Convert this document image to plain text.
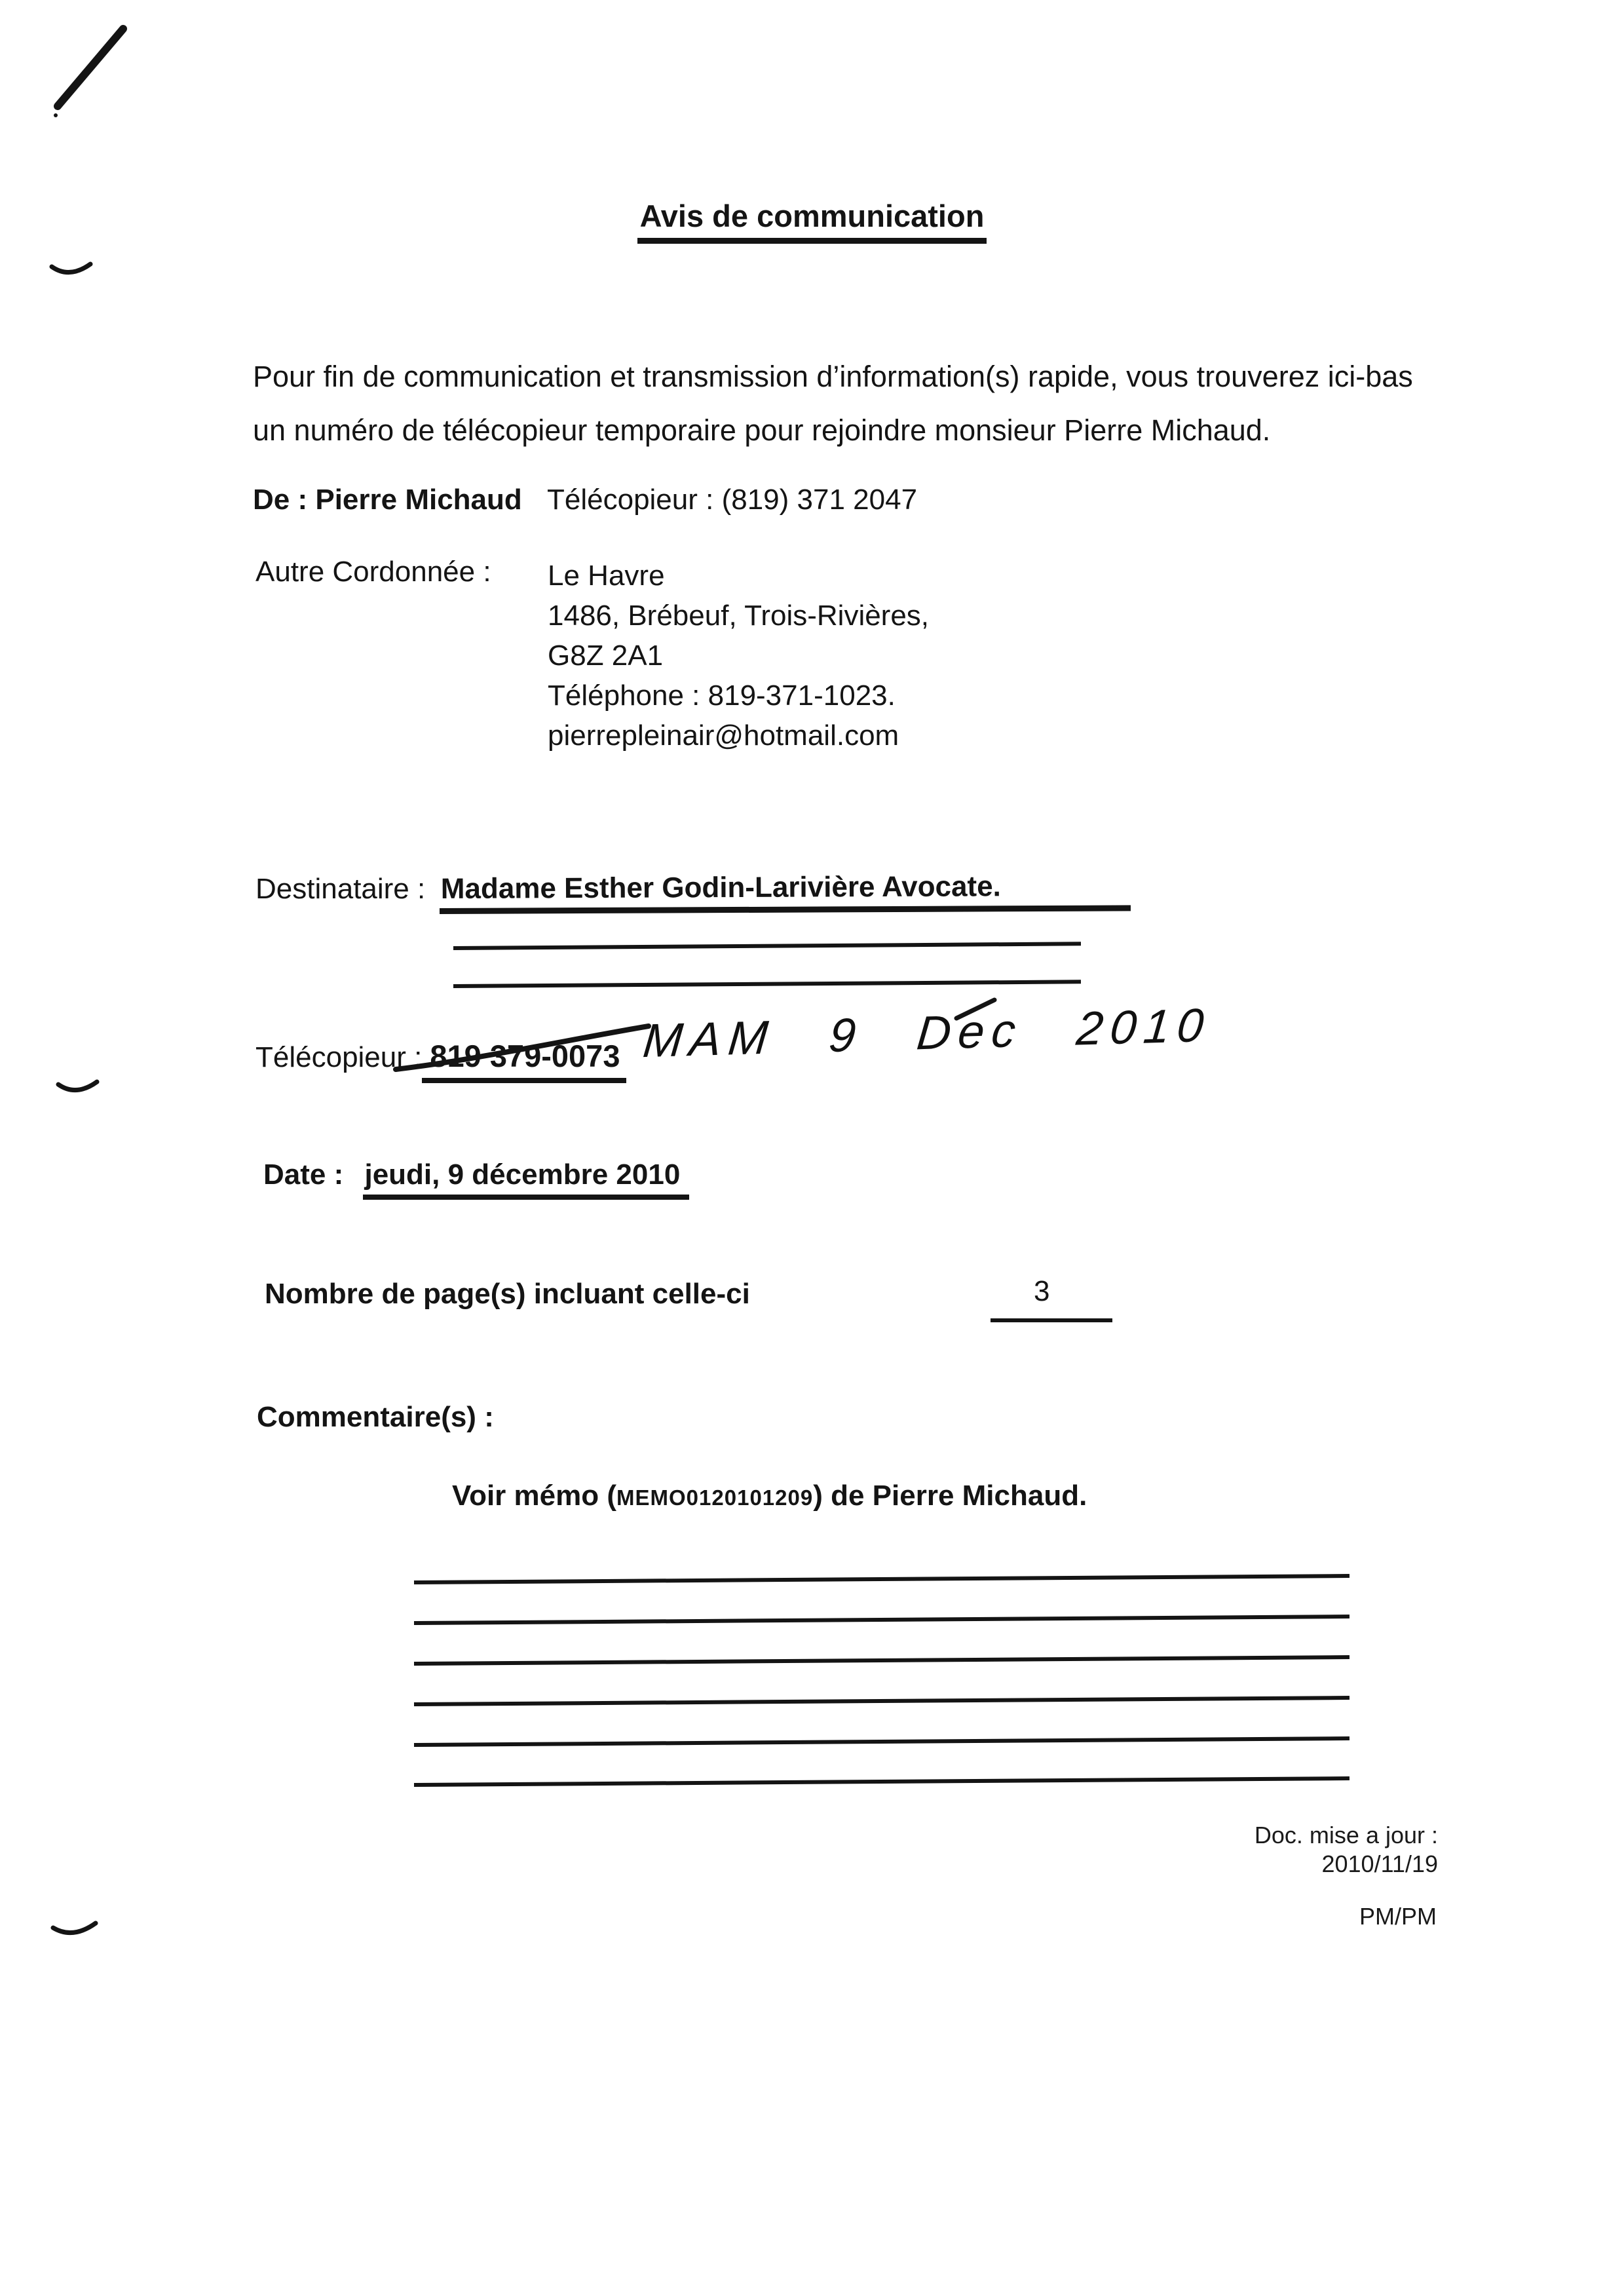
Avis de communication
Pour fin de communication et transmission d’information(s) rapide, vous trouverez ici-bas un numéro de télécopieur temporaire pour rejoindre monsieur Pierre Michaud.
De : Pierre Michaud Télécopieur : (819) 371 2047
Autre Cordonnée : Le Havre
1486, Brébeuf, Trois-Rivières,
G8Z 2A1
Téléphone : 819-371-1023.
pierrepleinair@hotmail.com
Destinataire : Madame Esther Godin-Larivière Avocate.
Télécopieur : 819 379-0073 MAM 9 Dec 2010
Date : jeudi, 9 décembre 2010
Nombre de page(s) incluant celle-ci	3
Commentaire(s) :
Voir mémo (MEMO0120101209) de Pierre Michaud.
Doc. mise a jour :
2010/11/19
PM/PM
